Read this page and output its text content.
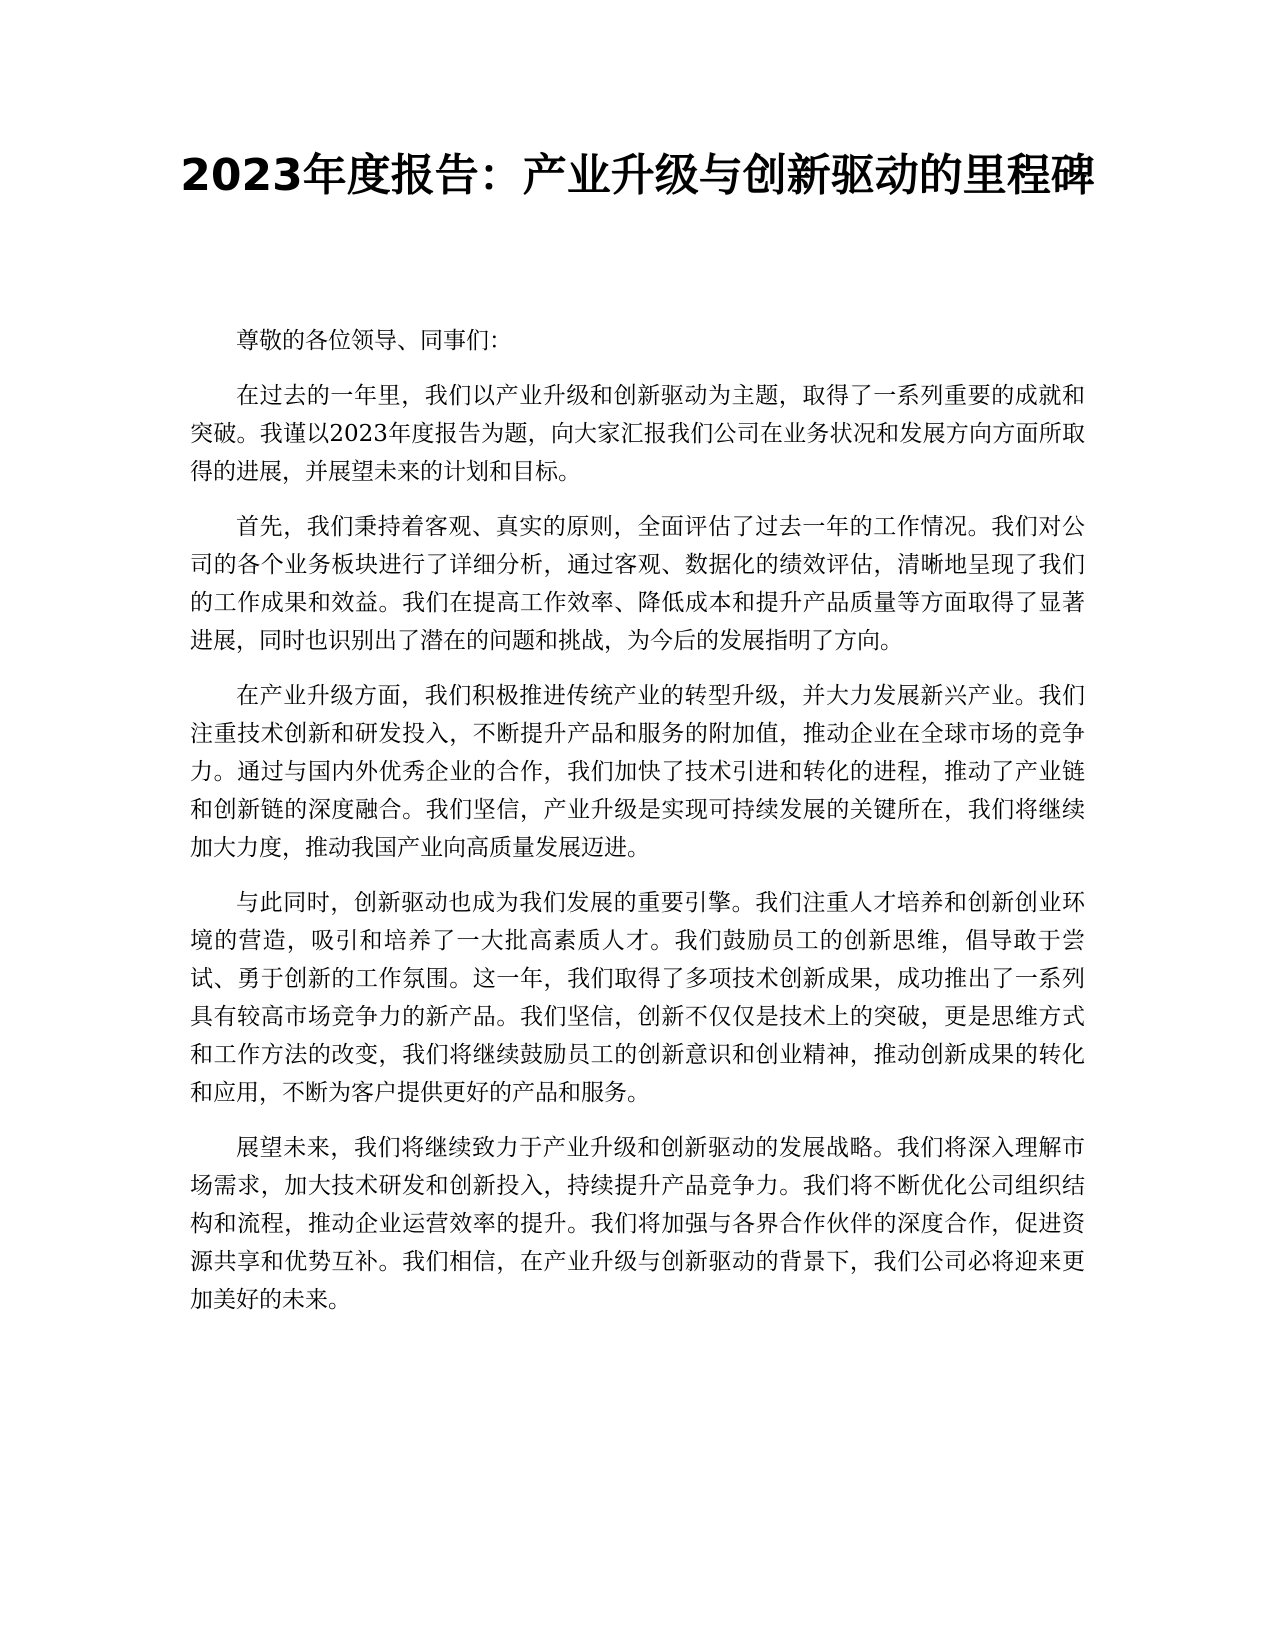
2023年度报告：产业升级与创新驱动的里程碑

尊敬的各位领导、同事们：

在过去的一年里，我们以产业升级和创新驱动为主题，取得了一系列重要的成就和突破。我谨以2023年度报告为题，向大家汇报我们公司在业务状况和发展方向方面所取得的进展，并展望未来的计划和目标。

首先，我们秉持着客观、真实的原则，全面评估了过去一年的工作情况。我们对公司的各个业务板块进行了详细分析，通过客观、数据化的绩效评估，清晰地呈现了我们的工作成果和效益。我们在提高工作效率、降低成本和提升产品质量等方面取得了显著进展，同时也识别出了潜在的问题和挑战，为今后的发展指明了方向。

在产业升级方面，我们积极推进传统产业的转型升级，并大力发展新兴产业。我们注重技术创新和研发投入，不断提升产品和服务的附加值，推动企业在全球市场的竞争力。通过与国内外优秀企业的合作，我们加快了技术引进和转化的进程，推动了产业链和创新链的深度融合。我们坚信，产业升级是实现可持续发展的关键所在，我们将继续加大力度，推动我国产业向高质量发展迈进。

与此同时，创新驱动也成为我们发展的重要引擎。我们注重人才培养和创新创业环境的营造，吸引和培养了一大批高素质人才。我们鼓励员工的创新思维，倡导敢于尝试、勇于创新的工作氛围。这一年，我们取得了多项技术创新成果，成功推出了一系列具有较高市场竞争力的新产品。我们坚信，创新不仅仅是技术上的突破，更是思维方式和工作方法的改变，我们将继续鼓励员工的创新意识和创业精神，推动创新成果的转化和应用，不断为客户提供更好的产品和服务。

展望未来，我们将继续致力于产业升级和创新驱动的发展战略。我们将深入理解市场需求，加大技术研发和创新投入，持续提升产品竞争力。我们将不断优化公司组织结构和流程，推动企业运营效率的提升。我们将加强与各界合作伙伴的深度合作，促进资源共享和优势互补。我们相信，在产业升级与创新驱动的背景下，我们公司必将迎来更加美好的未来。
